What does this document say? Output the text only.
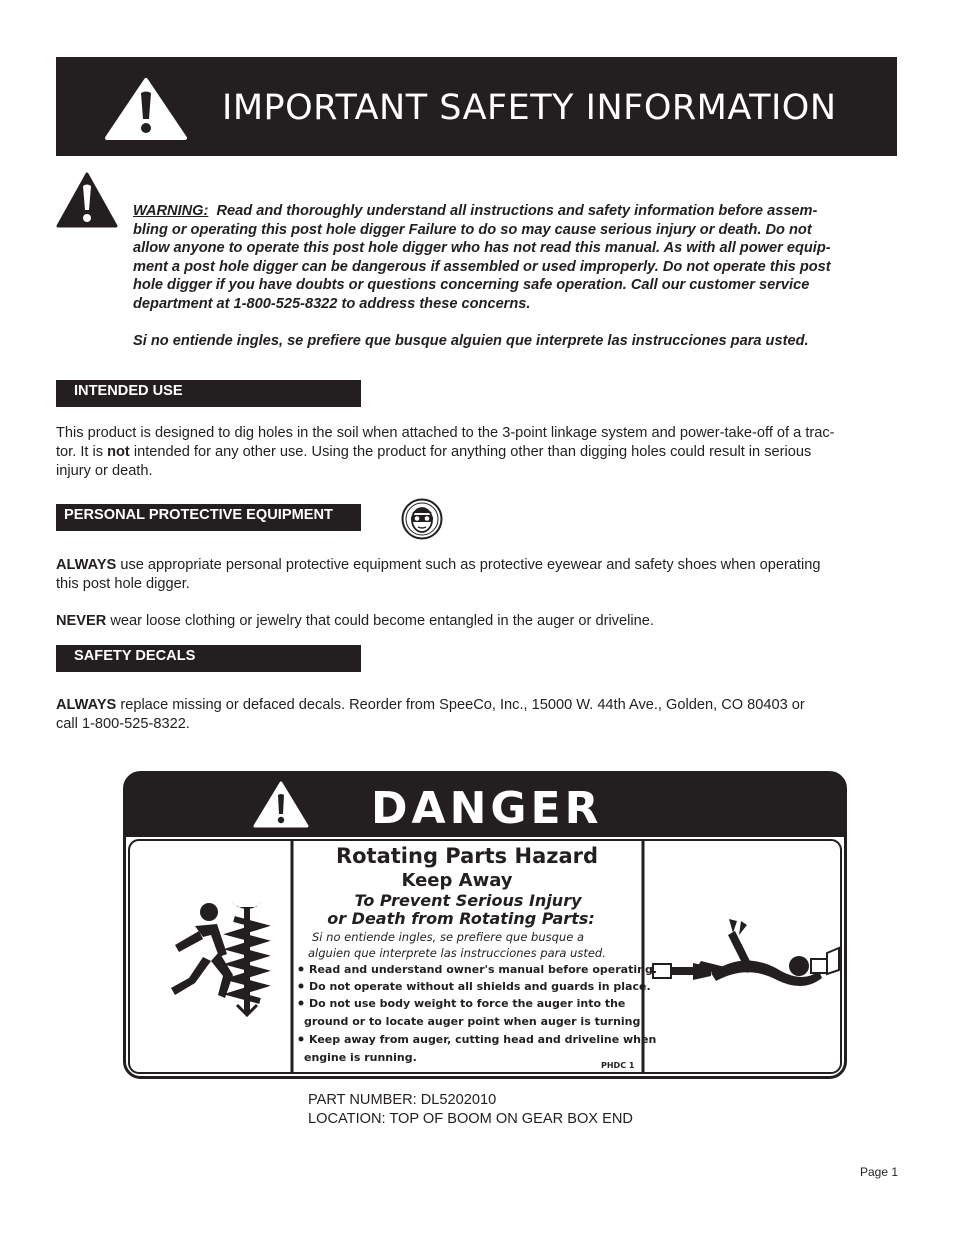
IMPORTANT SAFETY INFORMATION
WARNING: Read and thoroughly understand all instructions and safety information before assem-
bling or operating this post hole digger Failure to do so may cause serious injury or death. Do not
allow anyone to operate this post hole digger who has not read this manual. As with all power equip-
ment a post hole digger can be dangerous if assembled or used improperly. Do not operate this post
hole digger if you have doubts or questions concerning safe operation. Call our customer service
department at 1-800-525-8322 to address these concerns.
Si no entiende ingles, se prefiere que busque alguien que interprete las instrucciones para usted.
INTENDED USE
This product is designed to dig holes in the soil when attached to the 3-point linkage system and power-take-off of a trac-
tor. It is not intended for any other use. Using the product for anything other than digging holes could result in serious
injury or death.
PERSONAL PROTECTIVE EQUIPMENT
ALWAYS use appropriate personal protective equipment such as protective eyewear and safety shoes when operating
this post hole digger.
NEVER wear loose clothing or jewelry that could become entangled in the auger or driveline.
SAFETY DECALS
ALWAYS replace missing or defaced decals. Reorder from SpeeCo, Inc., 15000 W. 44th Ave., Golden, CO 80403 or
call 1-800-525-8322.
DANGER
Rotating Parts Hazard
Keep Away
To Prevent Serious Injury
or Death from Rotating Parts:
Si no entiende ingles, se prefiere que busque a
alguien que interprete las instrucciones para usted.
Read and understand owner's manual before operating.
Do not operate without all shields and guards in place.
Do not use body weight to force the auger into the
ground or to locate auger point when auger is turning.
Keep away from auger, cutting head and driveline when
engine is running.
PHDC 1
PART NUMBER: DL5202010
LOCATION: TOP OF BOOM ON GEAR BOX END
Page 1
